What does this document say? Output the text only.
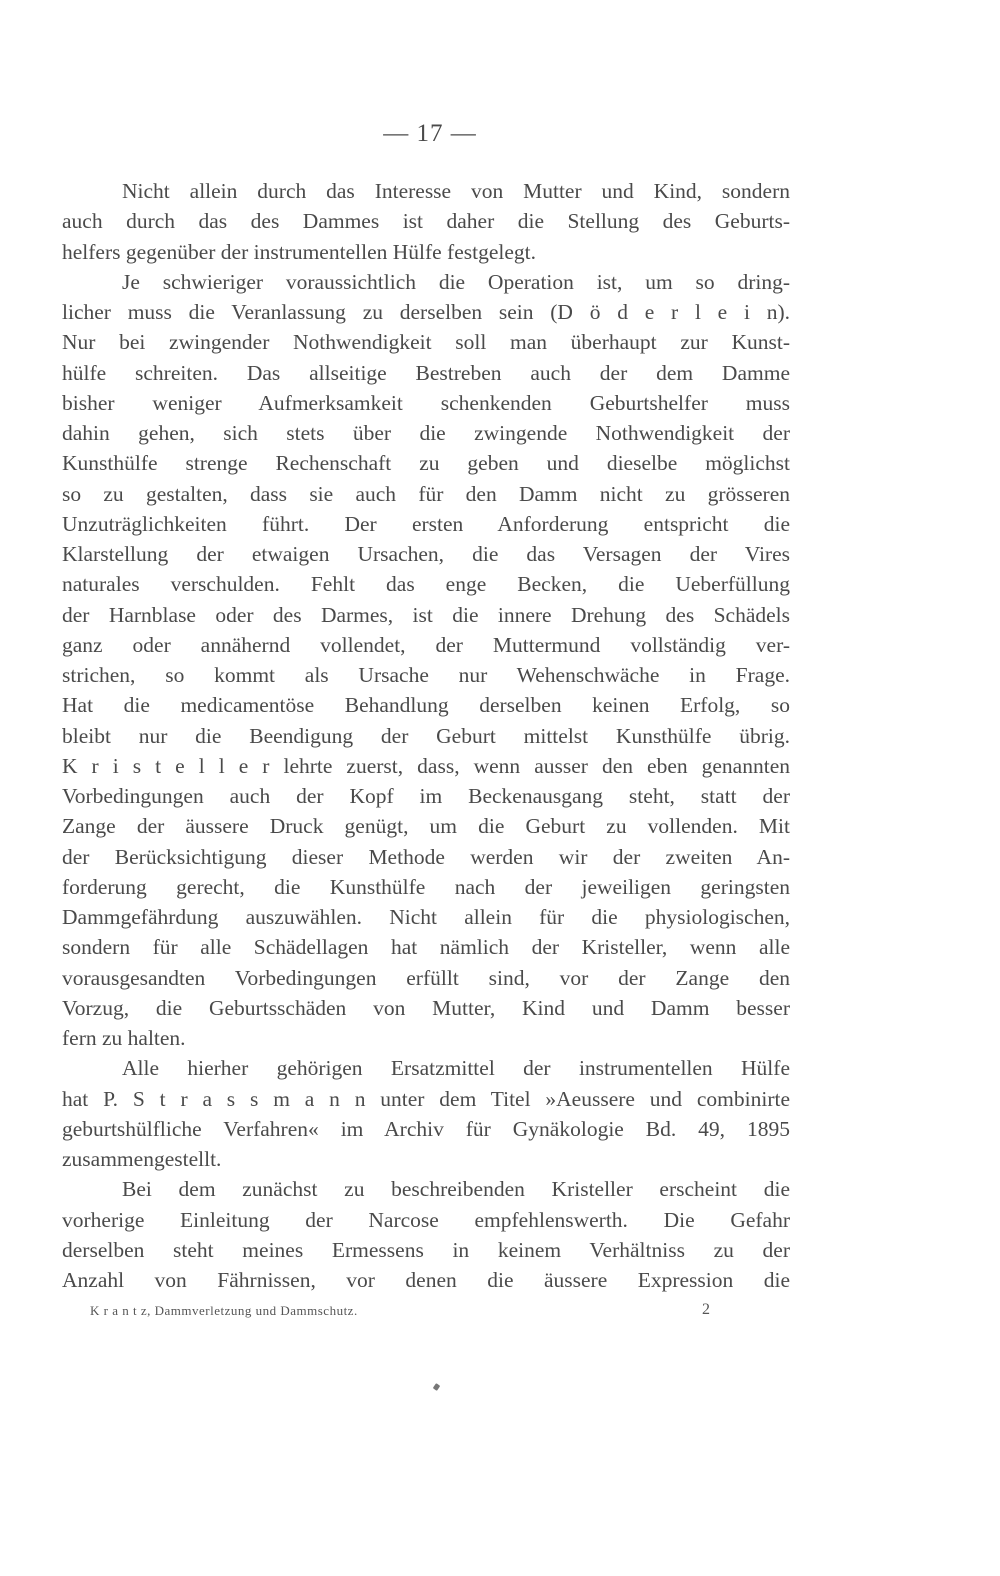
— 17 —
Nicht allein durch das Interesse von Mutter und Kind, sondern
auch durch das des Dammes ist daher die Stellung des Geburts-
helfers gegenüber der instrumentellen Hülfe festgelegt.
Je schwieriger voraussichtlich die Operation ist, um so dring-
licher muss die Veranlassung zu derselben sein (D ö d e r l e i n).
Nur bei zwingender Nothwendigkeit soll man überhaupt zur Kunst-
hülfe schreiten. Das allseitige Bestreben auch der dem Damme
bisher weniger Aufmerksamkeit schenkenden Geburtshelfer muss
dahin gehen, sich stets über die zwingende Nothwendigkeit der
Kunsthülfe strenge Rechenschaft zu geben und dieselbe möglichst
so zu gestalten, dass sie auch für den Damm nicht zu grösseren
Unzuträglichkeiten führt. Der ersten Anforderung entspricht die
Klarstellung der etwaigen Ursachen, die das Versagen der Vires
naturales verschulden. Fehlt das enge Becken, die Ueberfüllung
der Harnblase oder des Darmes, ist die innere Drehung des Schädels
ganz oder annähernd vollendet, der Muttermund vollständig ver-
strichen, so kommt als Ursache nur Wehenschwäche in Frage.
Hat die medicamentöse Behandlung derselben keinen Erfolg, so
bleibt nur die Beendigung der Geburt mittelst Kunsthülfe übrig.
K r i s t e l l e r lehrte zuerst, dass, wenn ausser den eben genannten
Vorbedingungen auch der Kopf im Beckenausgang steht, statt der
Zange der äussere Druck genügt, um die Geburt zu vollenden. Mit
der Berücksichtigung dieser Methode werden wir der zweiten An-
forderung gerecht, die Kunsthülfe nach der jeweiligen geringsten
Dammgefährdung auszuwählen. Nicht allein für die physiologischen,
sondern für alle Schädellagen hat nämlich der Kristeller, wenn alle
vorausgesandten Vorbedingungen erfüllt sind, vor der Zange den
Vorzug, die Geburtsschäden von Mutter, Kind und Damm besser
fern zu halten.
Alle hierher gehörigen Ersatzmittel der instrumentellen Hülfe
hat P. S t r a s s m a n n unter dem Titel »Aeussere und combinirte
geburtshülfliche Verfahren« im Archiv für Gynäkologie Bd. 49, 1895
zusammengestellt.
Bei dem zunächst zu beschreibenden Kristeller erscheint die
vorherige Einleitung der Narcose empfehlenswerth. Die Gefahr
derselben steht meines Ermessens in keinem Verhältniss zu der
Anzahl von Fährnissen, vor denen die äussere Expression die
K r a n t z, Dammverletzung und Dammschutz.	2
